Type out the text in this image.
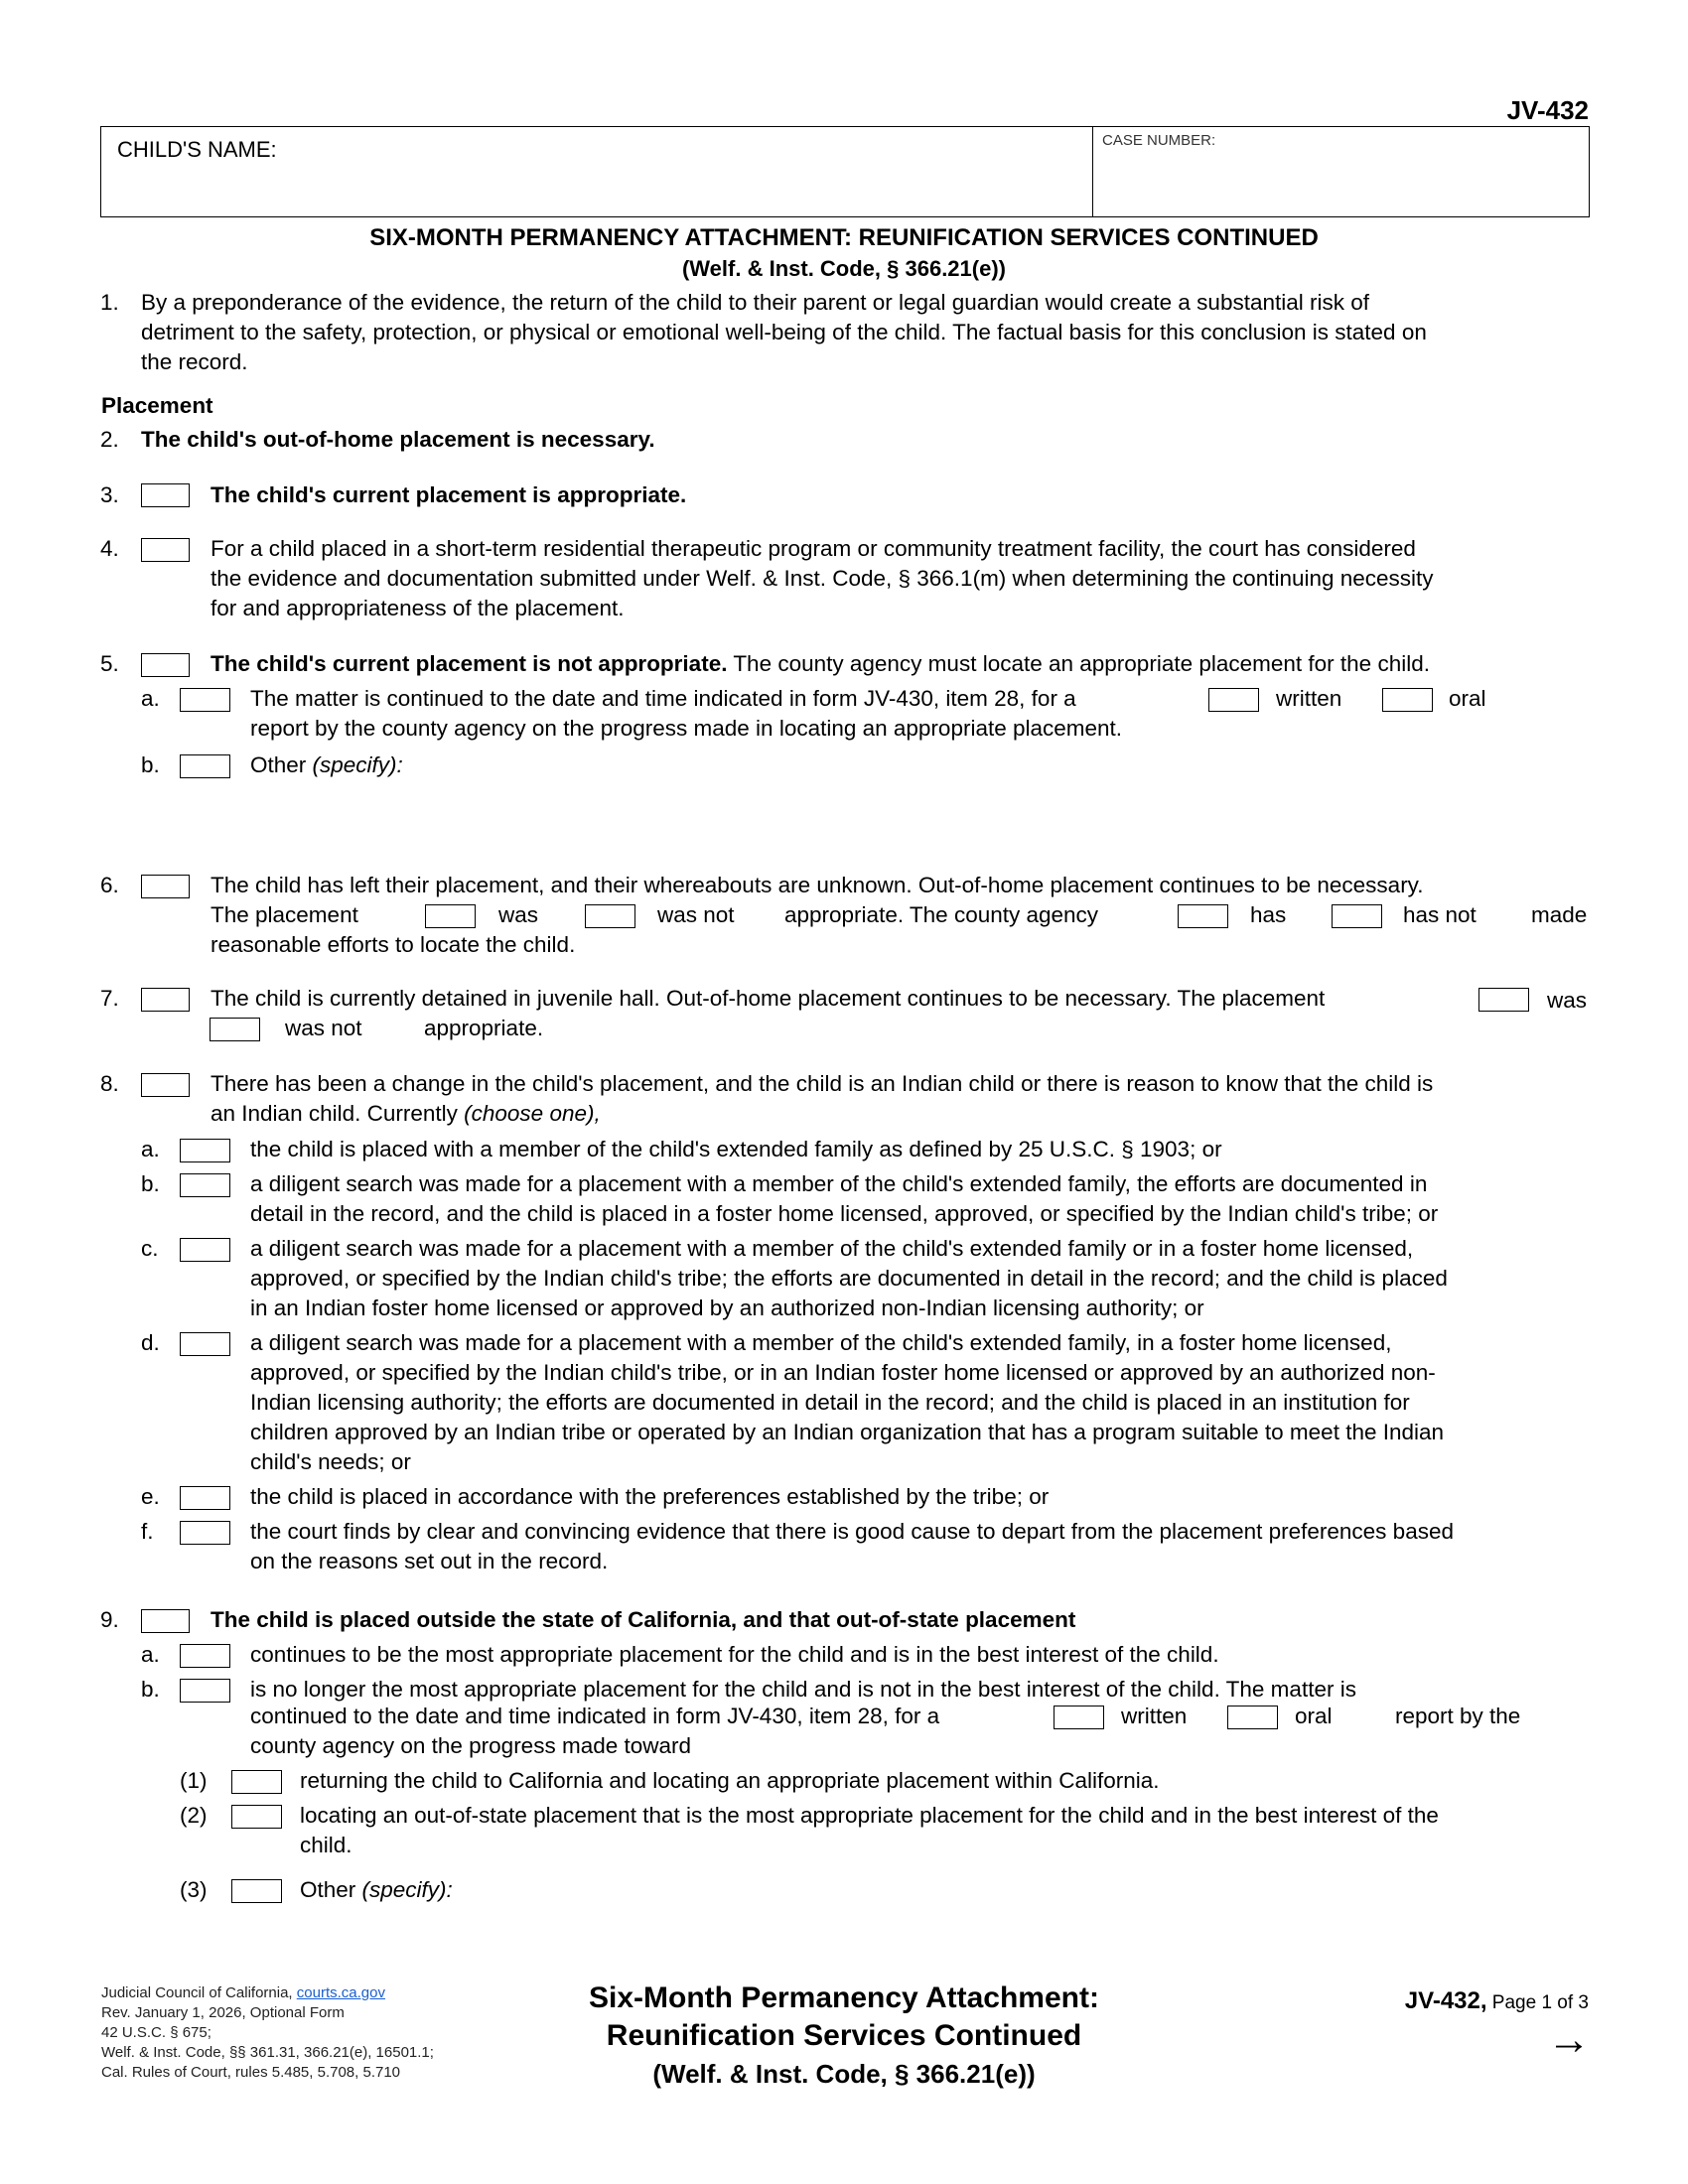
JV-432
CHILD'S NAME:	CASE NUMBER:
SIX-MONTH PERMANENCY ATTACHMENT: REUNIFICATION SERVICES CONTINUED
(Welf. & Inst. Code, § 366.21(e))
1. By a preponderance of the evidence, the return of the child to their parent or legal guardian would create a substantial risk of
detriment to the safety, protection, or physical or emotional well-being of the child. The factual basis for this conclusion is stated on
the record.
Placement
2. The child's out-of-home placement is necessary.
3.	The child's current placement is appropriate.
4.	For a child placed in a short-term residential therapeutic program or community treatment facility, the court has considered
the evidence and documentation submitted under Welf. & Inst. Code, § 366.1(m) when determining the continuing necessity
for and appropriateness of the placement.
5.	The child's current placement is not appropriate. The county agency must locate an appropriate placement for the child.
a.	The matter is continued to the date and time indicated in form JV-430, item 28, for a	written	oral
report by the county agency on the progress made in locating an appropriate placement.
b.	Other (specify):
6.	The child has left their placement, and their whereabouts are unknown. Out-of-home placement continues to be necessary.
The placement	was	was not appropriate. The county agency	has	has not made
reasonable efforts to locate the child.
7.	The child is currently detained in juvenile hall. Out-of-home placement continues to be necessary. The placement	was
was not	appropriate.
8.	There has been a change in the child's placement, and the child is an Indian child or there is reason to know that the child is
an Indian child. Currently (choose one),
a.	the child is placed with a member of the child's extended family as defined by 25 U.S.C. § 1903; or
b.	a diligent search was made for a placement with a member of the child's extended family, the efforts are documented in
detail in the record, and the child is placed in a foster home licensed, approved, or specified by the Indian child's tribe; or
c.	a diligent search was made for a placement with a member of the child's extended family or in a foster home licensed,
approved, or specified by the Indian child's tribe; the efforts are documented in detail in the record; and the child is placed
in an Indian foster home licensed or approved by an authorized non-Indian licensing authority; or
d.	a diligent search was made for a placement with a member of the child's extended family, in a foster home licensed,
approved, or specified by the Indian child's tribe, or in an Indian foster home licensed or approved by an authorized non-
Indian licensing authority; the efforts are documented in detail in the record; and the child is placed in an institution for
children approved by an Indian tribe or operated by an Indian organization that has a program suitable to meet the Indian
child's needs; or
e.	the child is placed in accordance with the preferences established by the tribe; or
f.	the court finds by clear and convincing evidence that there is good cause to depart from the placement preferences based
on the reasons set out in the record.
9.	The child is placed outside the state of California, and that out-of-state placement
a.	continues to be the most appropriate placement for the child and is in the best interest of the child.
b.	is no longer the most appropriate placement for the child and is not in the best interest of the child. The matter is
continued to the date and time indicated in form JV-430, item 28, for a	written	oral	report by the
county agency on the progress made toward
(1)	returning the child to California and locating an appropriate placement within California.
(2)	locating an out-of-state placement that is the most appropriate placement for the child and in the best interest of the
child.
(3)	Other (specify):
Judicial Council of California, courts.ca.gov
Rev. January 1, 2026, Optional Form
42 U.S.C. § 675;
Welf. & Inst. Code, §§ 361.31, 366.21(e), 16501.1;
Cal. Rules of Court, rules 5.485, 5.708, 5.710
Six-Month Permanency Attachment:
Reunification Services Continued
(Welf. & Inst. Code, § 366.21(e))
JV-432, Page 1 of 3
→
